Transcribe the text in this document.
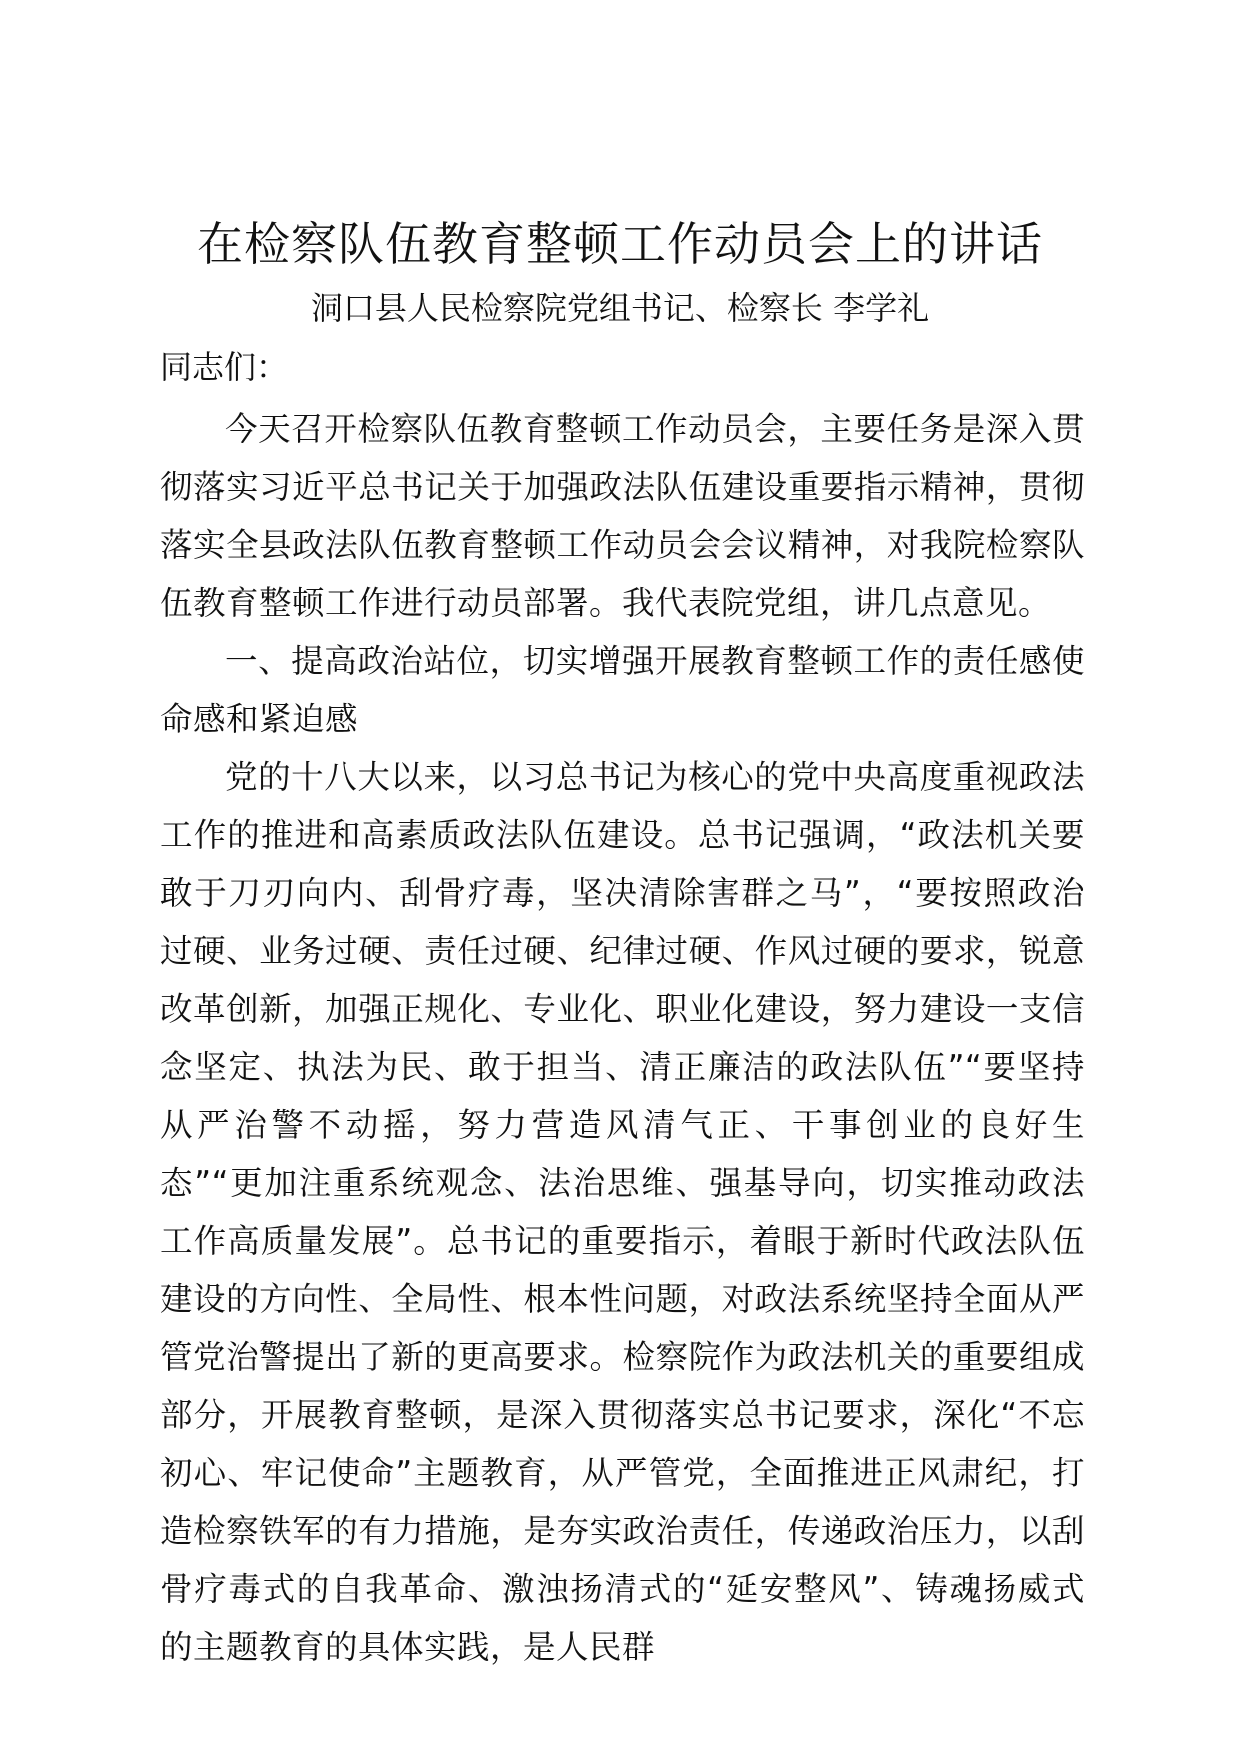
在检察队伍教育整顿工作动员会上的讲话

洞口县人民检察院党组书记、检察长 李学礼

同志们：

今天召开检察队伍教育整顿工作动员会，主要任务是深入贯彻落实习近平总书记关于加强政法队伍建设重要指示精神，贯彻落实全县政法队伍教育整顿工作动员会会议精神，对我院检察队伍教育整顿工作进行动员部署。我代表院党组，讲几点意见。

一、提高政治站位，切实增强开展教育整顿工作的责任感使命感和紧迫感

党的十八大以来，以习总书记为核心的党中央高度重视政法工作的推进和高素质政法队伍建设。总书记强调，“政法机关要敢于刀刃向内、刮骨疗毒，坚决清除害群之马”，“要按照政治过硬、业务过硬、责任过硬、纪律过硬、作风过硬的要求，锐意改革创新，加强正规化、专业化、职业化建设，努力建设一支信念坚定、执法为民、敢于担当、清正廉洁的政法队伍”“要坚持从严治警不动摇，努力营造风清气正、干事创业的良好生态”“更加注重系统观念、法治思维、强基导向，切实推动政法工作高质量发展”。总书记的重要指示，着眼于新时代政法队伍建设的方向性、全局性、根本性问题，对政法系统坚持全面从严管党治警提出了新的更高要求。检察院作为政法机关的重要组成部分，开展教育整顿，是深入贯彻落实总书记要求，深化“不忘初心、牢记使命”主题教育，从严管党，全面推进正风肃纪，打造检察铁军的有力措施，是夯实政治责任，传递政治压力，以刮骨疗毒式的自我革命、激浊扬清式的“延安整风”、铸魂扬威式的主题教育的具体实践，是人民群
